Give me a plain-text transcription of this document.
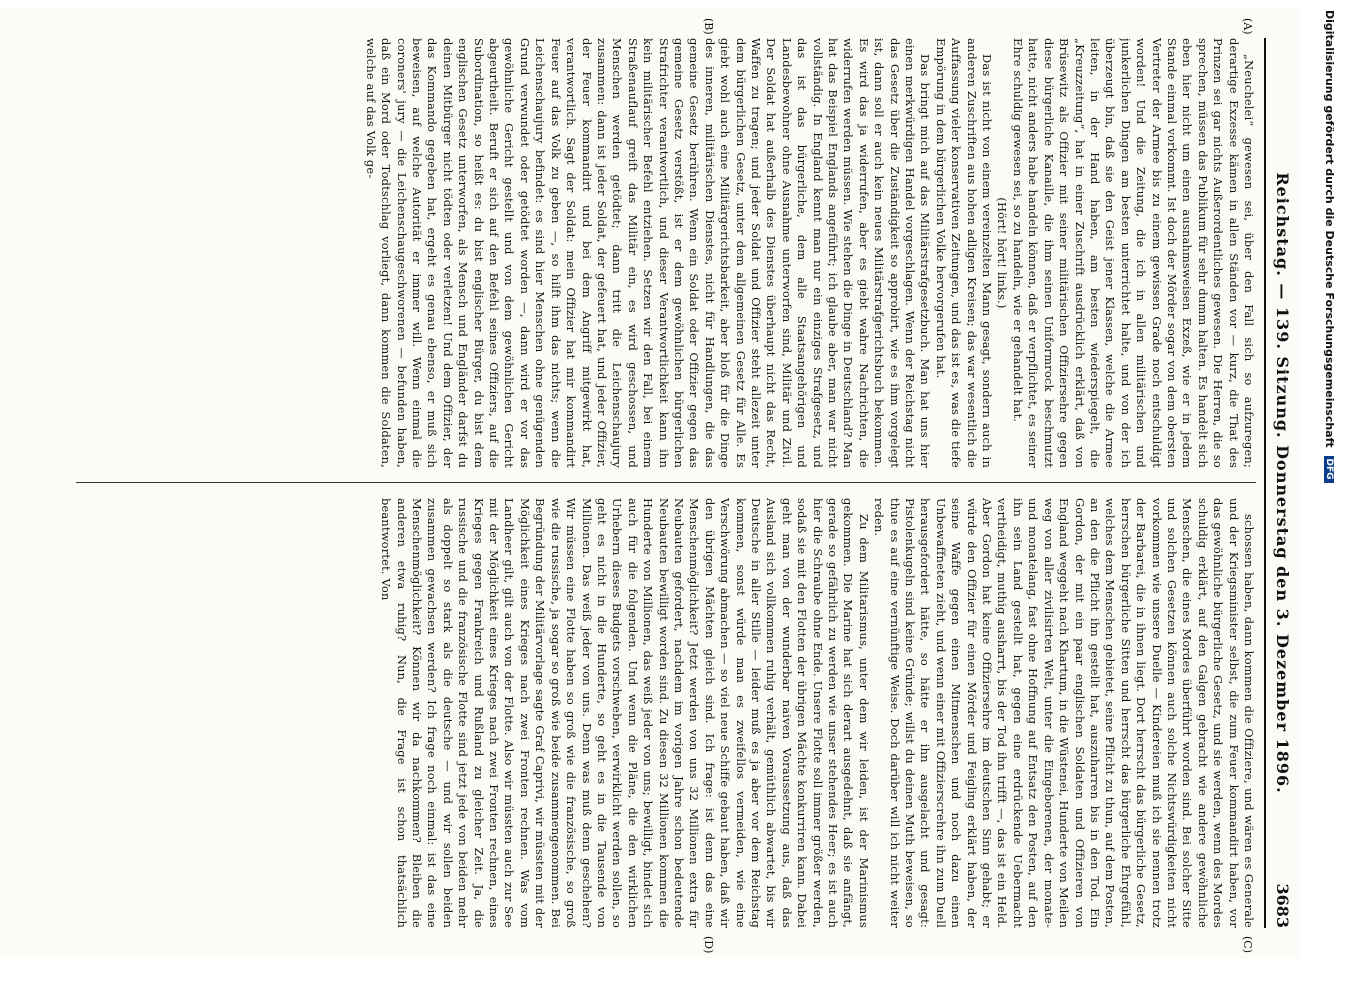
Reichstag. — 139. Sitzung. Donnerstag den 3. Dezember 1896.
3683
(A)
(B)
(C)
(D)

„Neuchelei“ gewesen sei, über den Fall sich so aufzuregen; derartige Exzesse kämen in allen Ständen vor — kurz, die That des Prinzen sei gar nichts Außerordentliches gewesen. Die Herren, die so sprechen, müssen das Publikum für sehr dumm halten. Es handelt sich eben hier nicht um einen ausnahmsweisen Exzeß, wie er in jedem Stande einmal vorkommt. Ist doch der Mörder sogar von dem obersten Vertreter der Armee bis zu einem gewissen Grade noch entschuldigt worden! Und die Zeitung, die ich in allen militärischen und junkerlichen Dingen am besten unterrichtet halte, und von der ich überzeugt bin, daß sie den Geist jener Klassen, welche die Armee leiten, in der Hand haben, am besten wiederspiegelt, die „Kreuzzeitung“, hat in einer Zuschrift ausdrücklich erklärt, daß von Brüsewitz als Offizier mit seiner militärischen Offiziersehre gegen diese bürgerliche Kanaille, die ihm seinen Uniformrock beschmutzt hatte, nicht anders habe handeln können, daß er verpflichtet, es seiner Ehre schuldig gewesen sei, so zu handeln, wie er gehandelt hat.

(Hört! hört! links.)

Das ist nicht von einem vereinzelten Mann gesagt, sondern auch in anderen Zuschriften aus hohen adligen Kreisen; das war wesentlich die Auffassung vieler konservativen Zeitungen, und das ist es, was die tiefe Empörung in dem bürgerlichen Volke hervorgerufen hat.

Das bringt mich auf das Militärstrafgesetzbuch. Man hat uns hier einen merkwürdigen Handel vorgeschlagen. Wenn der Reichstag nicht das Gesetz über die Zuständigkeit so approbirt, wie es ihm vorgelegt ist, dann soll er auch kein neues Militärstrafgerichtsbuch bekommen. Es wird das ja widerrufen, aber es giebt wahre Nachrichten, die widerrufen werden müssen. Wie stehen die Dinge in Deutschland? Man hat das Beispiel Englands angeführt; ich glaube aber, man war nicht vollständig. In England kennt man nur ein einziges Strafgesetz, und das ist das bürgerliche, dem alle Staatsangehörigen und Landesbewohner ohne Ausnahme unterworfen sind, Militär und Zivil. Der Soldat hat außerhalb des Dienstes überhaupt nicht das Recht, Waffen zu tragen; und jeder Soldat und Offizier steht allezeit unter dem bürgerlichen Gesetz, unter dem allgemeinen Gesetz für Alle. Es giebt wohl auch eine Militärgerichtsbarkeit, aber bloß für die Dinge des inneren, militärischen Dienstes, nicht für Handlungen, die das gemeine Gesetz berühren. Wenn ein Soldat oder Offizier gegen das gemeine Gesetz verstößt, ist er dem gewöhnlichen bürgerlichen Strafrichter verantwortlich, und dieser Verantwortlichkeit kann ihn kein militärischer Befehl entziehen. Setzen wir den Fall, bei einem Straßenauflauf greift das Militär ein, es wird geschossen, und Menschen werden getödtet; dann tritt die Leichenschaujury zusammen: dann ist jeder Soldat, der gefeuert hat, und jeder Offizier, der Feuer kommandirt und bei dem Angriff mitgewirkt hat, verantwortlich. Sagt der Soldat: mein Offizier hat mir kommandirt Feuer auf das Volk zu geben —, so hilft ihm das nichts; wenn die Leichenschaujury befindet: es sind hier Menschen ohne genügenden Grund verwundet oder getödtet worden —, dann wird er vor das gewöhnliche Gericht gestellt und von dem gewöhnlichen Gericht abgeurtheilt. Beruft er sich auf den Befehl seines Offiziers, auf die Subordination, so heißt es: du bist englischer Bürger, du bist dem englischen Gesetz unterworfen, als Mensch und Engländer darfst du deinen Mitbürger nicht tödten oder verletzen! Und dem Offizier, der das Kommando gegeben hat, ergeht es genau ebenso, er muß sich beweisen, auf welche Autorität er immer will. Wenn einmal die coroners' jury — die Leichenschaugeschworenen — befunden haben, daß ein Mord oder Todtschlag vorliegt, dann kommen die Soldaten, welche auf das Volk ge-

schossen haben, dann kommen die Offiziere, und wären es Generale und der Kriegsminister selbst, die zum Feuer kommandirt haben, vor das gewöhnliche bürgerliche Gesetz, und sie werden, wenn des Mordes schuldig erklärt, auf den Galgen gebracht wie andere gewöhnliche Menschen, die eines Mordes überführt worden sind. Bei solcher Sitte und solchen Gesetzen können auch solche Nichtswürdigkeiten nicht vorkommen wie unsere Duelle — Kindereien muß ich sie nennen trotz der Barbarei, die in ihnen liegt. Dort herrscht das bürgerliche Gesetz, herrschen bürgerliche Sitten und herrscht das bürgerliche Ehrgefühl, welches dem Menschen gebietet, seine Pflicht zu thun, auf dem Posten, an den die Pflicht ihn gestellt hat, auszuharren bis in den Tod. Ein Gordon, der mit ein paar englischen Soldaten und Offizieren von England weggeht nach Khartum, in die Wüstenei, Hunderte von Meilen weg von aller zivilisirten Welt, unter die Eingeborenen, der monate- und monatelang, fast ohne Hoffnung auf Entsatz den Posten, auf den ihn sein Land gestellt hat, gegen eine erdrückende Uebermacht vertheidigt, muthig ausharrt, bis der Tod ihn trifft —, das ist ein Held. Aber Gordon hat keine Offiziersehre im deutschen Sinn gehabt; er würde den Offizier für einen Mörder und Feigling erklärt haben, der seine Waffe gegen einen Mitmenschen und noch dazu einen Unbewaffneten zieht, und wenn einer mit Offizierscrehre ihn zum Duell herausgefordert hätte, so hätte er ihn ausgelacht und gesagt: Pistolenkugeln sind keine Gründe; willst du deinen Muth beweisen, so thue es auf eine vernünftige Weise. Doch darüber will ich nicht weiter reden.

Zu dem Militarismus, unter dem wir leiden, ist der Marinismus gekommen. Die Marine hat sich derart ausgedehnt, daß sie anfängt, gerade so gefährlich zu werden wie unser stehendes Heer; es ist auch hier die Schraube ohne Ende. Unsere Flotte soll immer größer werden, sodaß sie mit den Flotten der übrigen Mächte konkurriren kann. Dabei geht man von der wunderbar naiven Voraussetzung aus, daß das Ausland sich vollkommen ruhig verhält, gemüthlich abwartet, bis wir Deutsche in aller Stille — leider muß es ja aber vor dem Reichstag kommen, sonst würde man es zweifellos vermeiden, wie eine Verschwörung abmachen — so viel neue Schiffe gebaut haben, daß wir den übrigen Mächten gleich sind. Ich frage: ist denn das eine Menschenmöglichkeit? Jetzt werden von uns 32 Millionen extra für Neubauten gefordert, nachdem im vorigen Jahre schon bedeutende Neubauten bewilligt worden sind. Zu diesen 32 Millionen kommen die Hunderte von Millionen, das weiß jeder von uns; bewilligt, bindet sich auch für die folgenden. Und wenn die Pläne, die den wirklichen Urhebern dieses Budgets vorschweben, verwirklicht werden sollen, so geht es nicht in die Hunderte, so geht es in die Tausende von Millionen. Das weiß jeder von uns. Denn was muß denn geschehen? Wir müssen eine Flotte haben so groß wie die französische, so groß wie die russische, ja sogar so groß wie beide zusammengenommen. Bei Begründung der Militärvorlage sagte Graf Caprivi, wir müssten mit der Möglichkeit eines Krieges nach zwei Fronten rechnen. Was vom Landheer gilt, gilt auch von der Flotte. Also wir müssten auch zur See mit der Möglichkeit eines Krieges nach zwei Fronten rechnen, eines Krieges gegen Frankreich und Rußland zu gleicher Zeit. Ja, die russische und die französische Flotte sind jetzt jede von beiden mehr als doppelt so stark als die deutsche — und wir sollen beiden zusammen gewachsen werden? Ich frage noch einmal: ist das eine Menschenmöglichkeit? Können wir da nachkommen? Bleiben die anderen etwa ruhig? Nun, die Frage ist schon thatsächlich beantwortet. Von

Digitalisierung gefördert durch die Deutsche Forschungsgemeinschaft DFG
